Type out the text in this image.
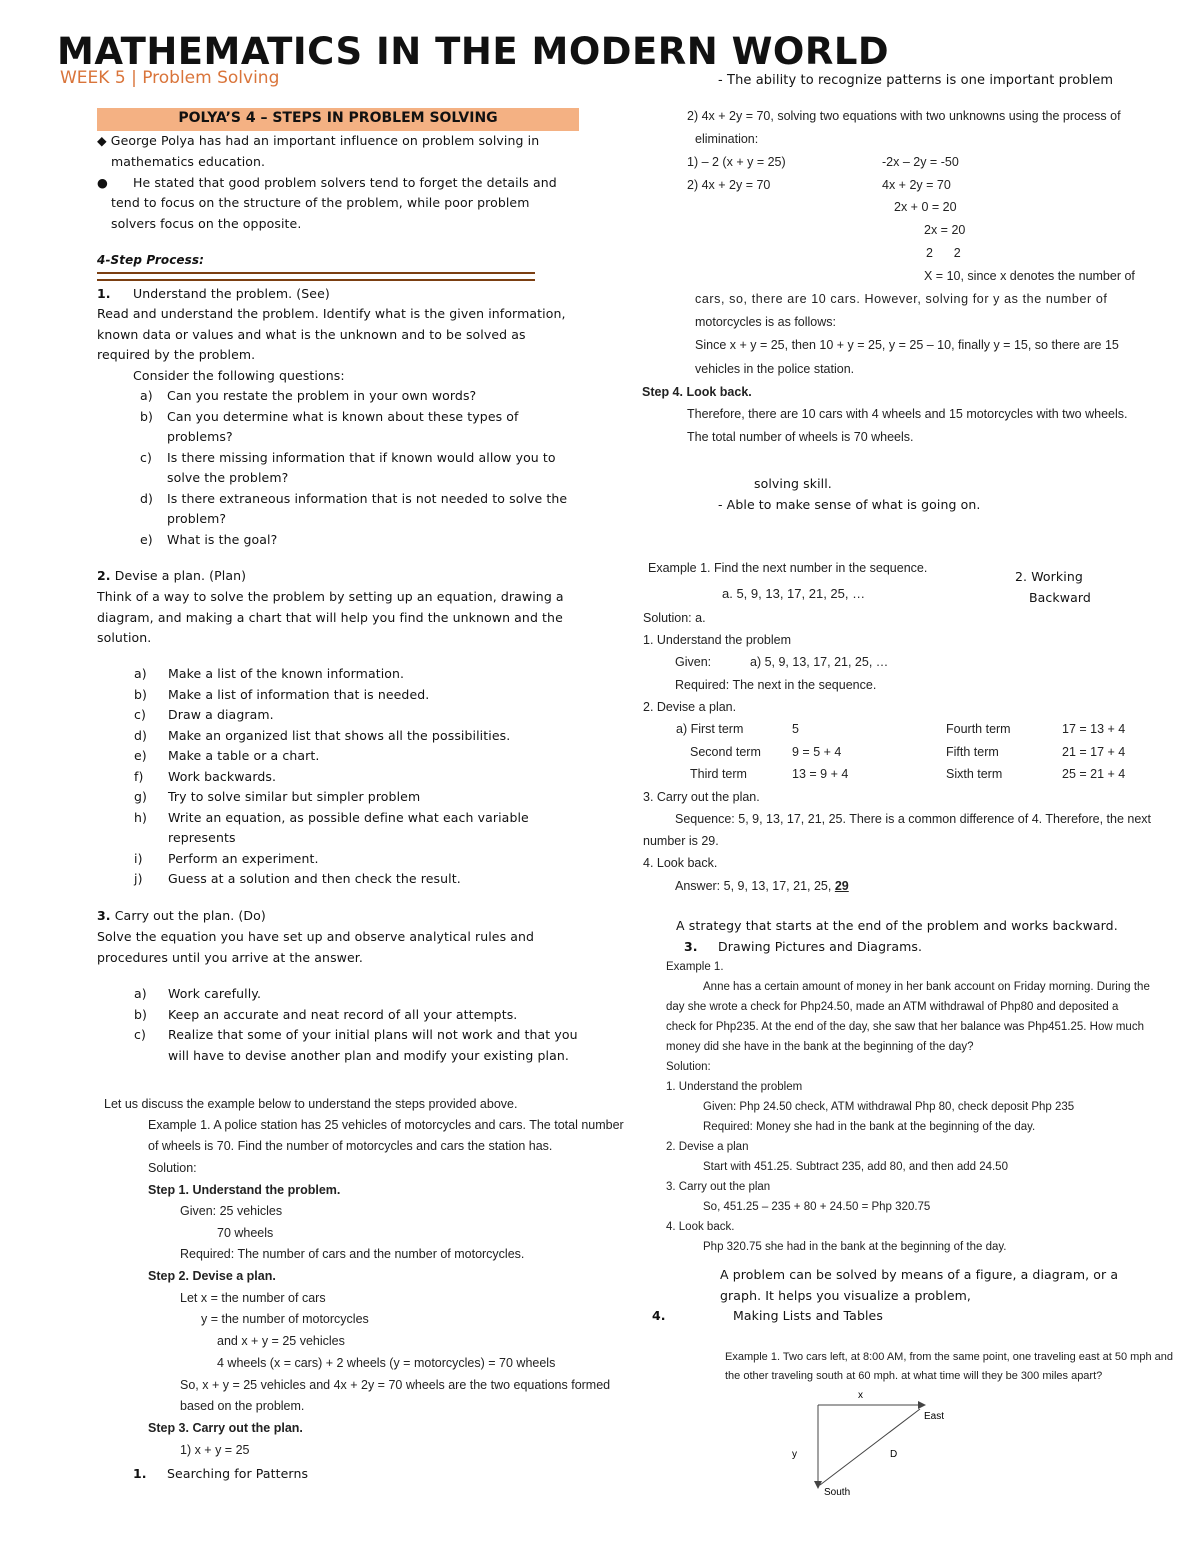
MATHEMATICS IN THE MODERN WORLD
WEEK 5 | Problem Solving	- The ability to recognize patterns is one important problem
POLYA’S 4 – STEPS IN PROBLEM SOLVING
◆ George Polya has had an important influence on problem solving in
mathematics education.
● He stated that good problem solvers tend to forget the details and
tend to focus on the structure of the problem, while poor problem
solvers focus on the opposite.
4-Step Process:
1. Understand the problem. (See)
Read and understand the problem. Identify what is the given information,
known data or values and what is the unknown and to be solved as
required by the problem.
Consider the following questions:
a) Can you restate the problem in your own words?
b) Can you determine what is known about these types of
problems?
c) Is there missing information that if known would allow you to
solve the problem?
d) Is there extraneous information that is not needed to solve the
problem?
e) What is the goal?
2. Devise a plan. (Plan)
Think of a way to solve the problem by setting up an equation, drawing a
diagram, and making a chart that will help you find the unknown and the
solution.
a) Make a list of the known information.
b) Make a list of information that is needed.
c) Draw a diagram.
d) Make an organized list that shows all the possibilities.
e) Make a table or a chart.
f) Work backwards.
g) Try to solve similar but simpler problem
h) Write an equation, as possible define what each variable
represents
i) Perform an experiment.
j) Guess at a solution and then check the result.
3. Carry out the plan. (Do)
Solve the equation you have set up and observe analytical rules and
procedures until you arrive at the answer.
a) Work carefully.
b) Keep an accurate and neat record of all your attempts.
c) Realize that some of your initial plans will not work and that you
will have to devise another plan and modify your existing plan.
Let us discuss the example below to understand the steps provided above.
Example 1. A police station has 25 vehicles of motorcycles and cars. The total number
of wheels is 70. Find the number of motorcycles and cars the station has.
Solution:
Step 1. Understand the problem.
Given: 25 vehicles
70 wheels
Required: The number of cars and the number of motorcycles.
Step 2. Devise a plan.
Let x = the number of cars
y = the number of motorcycles
and x + y = 25 vehicles
4 wheels (x = cars) + 2 wheels (y = motorcycles) = 70 wheels
So, x + y = 25 vehicles and 4x + 2y = 70 wheels are the two equations formed
based on the problem.
Step 3. Carry out the plan.
1) x + y = 25
1. Searching for Patterns
2) 4x + 2y = 70, solving two equations with two unknowns using the process of
elimination:
1) – 2 (x + y = 25)	-2x – 2y = -50
2) 4x + 2y = 70	4x + 2y = 70
2x + 0 = 20
2x = 20
2      2
X = 10, since x denotes the number of
cars, so, there are 10 cars. However, solving for y as the number of
motorcycles is as follows:
Since x + y = 25, then 10 + y = 25, y = 25 – 10, finally y = 15, so there are 15
vehicles in the police station.
Step 4. Look back.
Therefore, there are 10 cars with 4 wheels and 15 motorcycles with two wheels.
The total number of wheels is 70 wheels.
solving skill.
- Able to make sense of what is going on.
Example 1. Find the next number in the sequence.
a. 5, 9, 13, 17, 21, 25, …
2. Working
Backward
Solution: a.
1. Understand the problem
Given:	a) 5, 9, 13, 17, 21, 25, …
Required: The next in the sequence.
2. Devise a plan.
a) First term	5	Fourth term	17 = 13 + 4
Second term 9 = 5 + 4	Fifth term	21 = 17 + 4
Third term	13 = 9 + 4	Sixth term	25 = 21 + 4
3. Carry out the plan.
Sequence: 5, 9, 13, 17, 21, 25. There is a common difference of 4. Therefore, the next
number is 29.
4. Look back.
Answer: 5, 9, 13, 17, 21, 25, 29
A strategy that starts at the end of the problem and works backward.
3. Drawing Pictures and Diagrams.
Example 1.
Anne has a certain amount of money in her bank account on Friday morning. During the
day she wrote a check for Php24.50, made an ATM withdrawal of Php80 and deposited a
check for Php235. At the end of the day, she saw that her balance was Php451.25. How much
money did she have in the bank at the beginning of the day?
Solution:
1. Understand the problem
Given: Php 24.50 check, ATM withdrawal Php 80, check deposit Php 235
Required: Money she had in the bank at the beginning of the day.
2. Devise a plan
Start with 451.25. Subtract 235, add 80, and then add 24.50
3. Carry out the plan
So, 451.25 – 235 + 80 + 24.50 = Php 320.75
4. Look back.
Php 320.75 she had in the bank at the beginning of the day.
A problem can be solved by means of a figure, a diagram, or a
graph. It helps you visualize a problem,
4.	Making Lists and Tables
Example 1. Two cars left, at 8:00 AM, from the same point, one traveling east at 50 mph and
the other traveling south at 60 mph. at what time will they be 300 miles apart?
x
East
y	D
South
